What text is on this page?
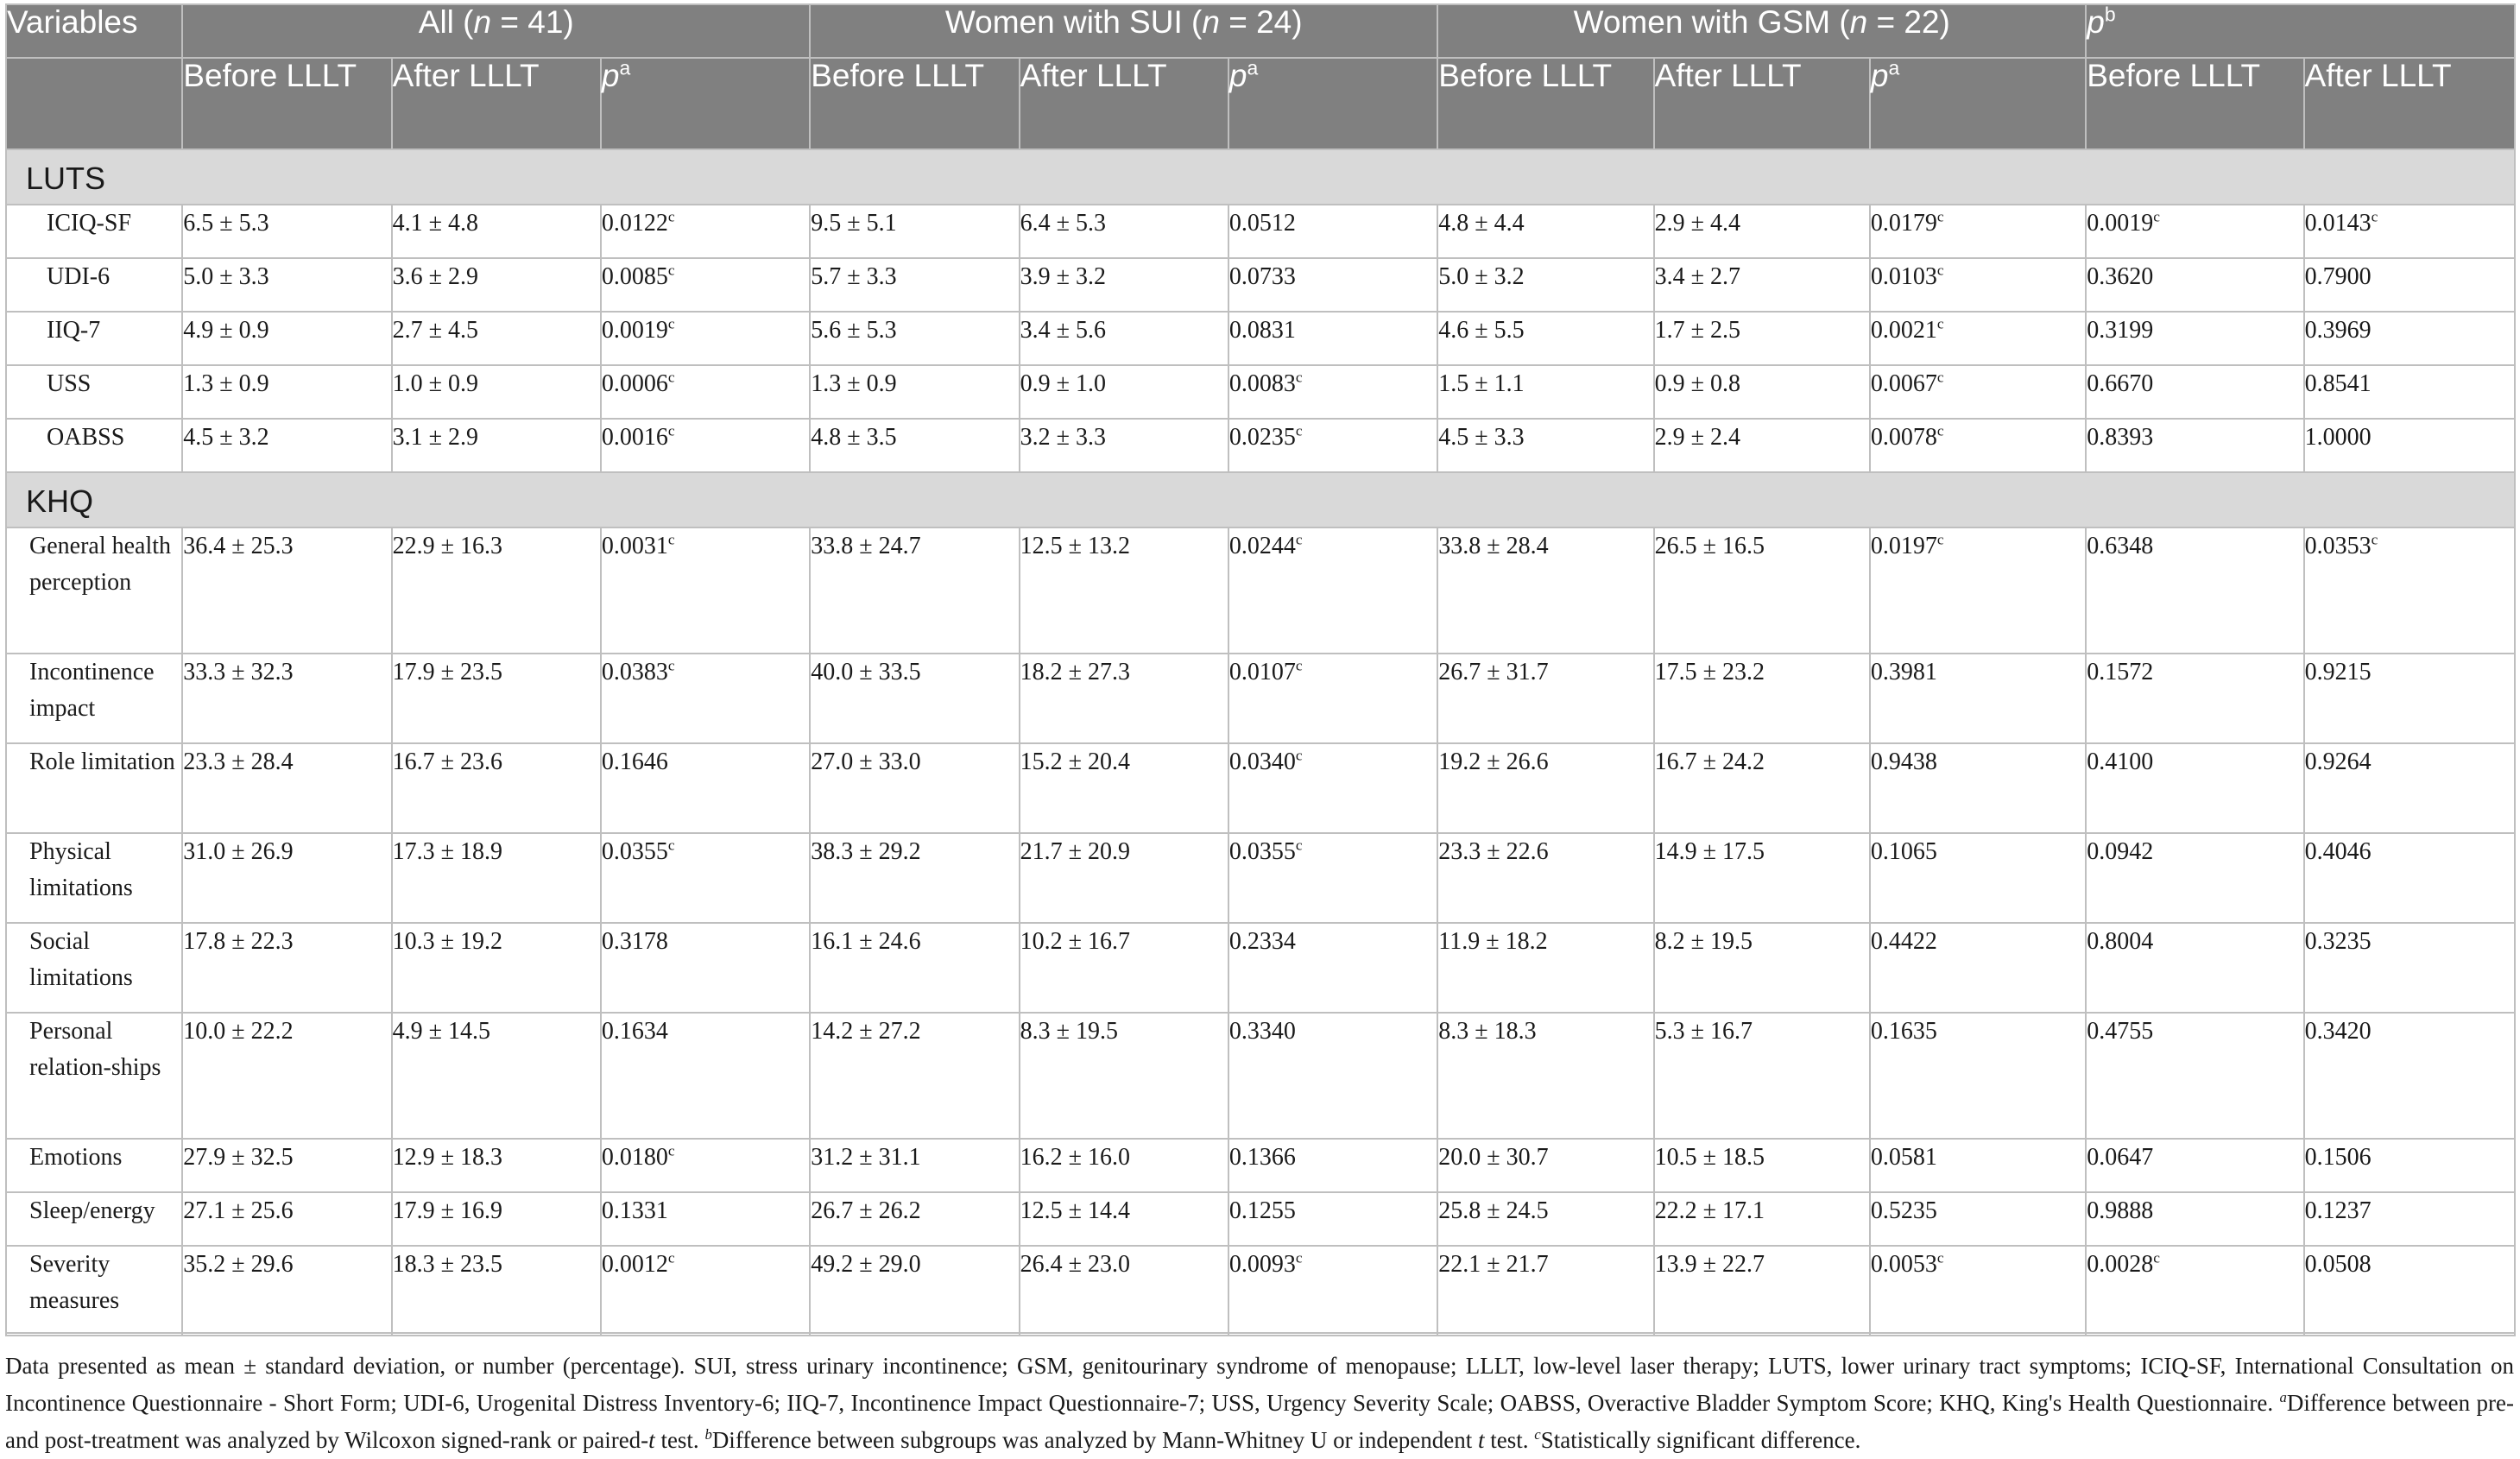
Variables	All (n = 41)			Women with SUI (n = 24)			Women with GSM (n = 22)			$p^b$
	Before LLLT	After LLLT	$p^a$	Before LLLT	After LLLT	$p^a$	Before LLLT	After LLLT	$p^a$	Before LLLT	After LLLT
LUTS											
ICIQ-SF	6.5 ± 5.3	4.1 ± 4.8	0.0122$^c$	9.5 ± 5.1	6.4 ± 5.3	0.0512	4.8 ± 4.4	2.9 ± 4.4	0.0179$^c$	0.0019$^c$	0.0143$^c$
UDI-6	5.0 ± 3.3	3.6 ± 2.9	0.0085$^c$	5.7 ± 3.3	3.9 ± 3.2	0.0733	5.0 ± 3.2	3.4 ± 2.7	0.0103$^c$	0.3620	0.7900
IIQ-7	4.9 ± 0.9	2.7 ± 4.5	0.0019$^c$	5.6 ± 5.3	3.4 ± 5.6	0.0831	4.6 ± 5.5	1.7 ± 2.5	0.0021$^c$	0.3199	0.3969
USS	1.3 ± 0.9	1.0 ± 0.9	0.0006$^c$	1.3 ± 0.9	0.9 ± 1.0	0.0083$^c$	1.5 ± 1.1	0.9 ± 0.8	0.0067$^c$	0.6670	0.8541
OABSS	4.5 ± 3.2	3.1 ± 2.9	0.0016$^c$	4.8 ± 3.5	3.2 ± 3.3	0.0235$^c$	4.5 ± 3.3	2.9 ± 2.4	0.0078$^c$	0.8393	1.0000
KHQ											
General health perception	36.4 ± 25.3	22.9 ± 16.3	0.0031$^c$	33.8 ± 24.7	12.5 ± 13.2	0.0244$^c$	33.8 ± 28.4	26.5 ± 16.5	0.0197$^c$	0.6348	0.0353$^c$
Incontinence impact	33.3 ± 32.3	17.9 ± 23.5	0.0383$^c$	40.0 ± 33.5	18.2 ± 27.3	0.0107$^c$	26.7 ± 31.7	17.5 ± 23.2	0.3981	0.1572	0.9215
Role limitation	23.3 ± 28.4	16.7 ± 23.6	0.1646	27.0 ± 33.0	15.2 ± 20.4	0.0340$^c$	19.2 ± 26.6	16.7 ± 24.2	0.9438	0.4100	0.9264
Physical limitations	31.0 ± 26.9	17.3 ± 18.9	0.0355$^c$	38.3 ± 29.2	21.7 ± 20.9	0.0355$^c$	23.3 ± 22.6	14.9 ± 17.5	0.1065	0.0942	0.4046
Social limitations	17.8 ± 22.3	10.3 ± 19.2	0.3178	16.1 ± 24.6	10.2 ± 16.7	0.2334	11.9 ± 18.2	8.2 ± 19.5	0.4422	0.8004	0.3235
Personal relation-ships	10.0 ± 22.2	4.9 ± 14.5	0.1634	14.2 ± 27.2	8.3 ± 19.5	0.3340	8.3 ± 18.3	5.3 ± 16.7	0.1635	0.4755	0.3420
Emotions	27.9 ± 32.5	12.9 ± 18.3	0.0180$^c$	31.2 ± 31.1	16.2 ± 16.0	0.1366	20.0 ± 30.7	10.5 ± 18.5	0.0581	0.0647	0.1506
Sleep/energy	27.1 ± 25.6	17.9 ± 16.9	0.1331	26.7 ± 26.2	12.5 ± 14.4	0.1255	25.8 ± 24.5	22.2 ± 17.1	0.5235	0.9888	0.1237
Severity measures	35.2 ± 29.6	18.3 ± 23.5	0.0012$^c$	49.2 ± 29.0	26.4 ± 23.0	0.0093$^c$	22.1 ± 21.7	13.9 ± 22.7	0.0053$^c$	0.0028$^c$	0.0508
Data presented as mean ± standard deviation, or number (percentage). SUI, stress urinary incontinence; GSM, genitourinary syndrome of menopause; LLLT, low-level laser therapy; LUTS, lower urinary tract symptoms; ICIQ-SF, International Consultation on Incontinence Questionnaire - Short Form; UDI-6, Urogenital Distress Inventory-6; IIQ-7, Incontinence Impact Questionnaire-7; USS, Urgency Severity Scale; OABSS, Overactive Bladder Symptom Score; KHQ, King's Health Questionnaire. $^a$Difference between pre- and post-treatment was analyzed by Wilcoxon signed-rank or paired-t test. $^b$Difference between subgroups was analyzed by Mann-Whitney U or independent t test. $^c$Statistically significant difference.
